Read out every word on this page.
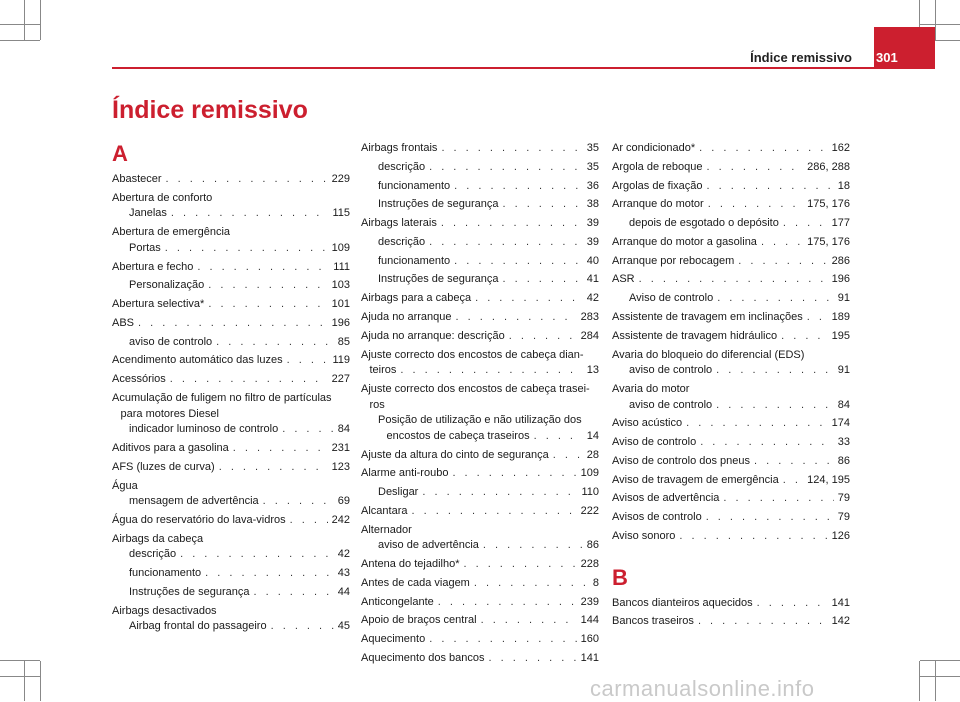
Índice remissivo 301
Índice remissivo
A
Abastecer . . .	229
Abertura de conforto
Janelas . . .	115
Abertura de emergência
Portas . . .	109
Abertura e fecho . . .	111
Personalização . . .	103
Abertura selectiva* . . .	101
ABS . . .	196
aviso de controlo . . .	85
Acendimento automático das luzes . . .	119
Acessórios . . .	227
Acumulação de fuligem no filtro de partículas
para motores Diesel
indicador luminoso de controlo . . .	84
Aditivos para a gasolina . . .	231
AFS (luzes de curva) . . .	123
Água
mensagem de advertência . . .	69
Água do reservatório do lava-vidros . . .	242
Airbags da cabeça
descrição . . .	42
funcionamento . . .	43
Instruções de segurança . . .	44
Airbags desactivados
Airbag frontal do passageiro . . .	45
Airbags frontais . . .	35
descrição . . .	35
funcionamento . . .	36
Instruções de segurança . . .	38
Airbags laterais . . .	39
descrição . . .	39
funcionamento . . .	40
Instruções de segurança . . .	41
Airbags para a cabeça . . .	42
Ajuda no arranque . . .	283
Ajuda no arranque: descrição . . .	284
Ajuste correcto dos encostos de cabeça dian-
teiros . . .	13
Ajuste correcto dos encostos de cabeça trasei-
ros
Posição de utilização e não utilização dos
encostos de cabeça traseiros . . .	14
Ajuste da altura do cinto de segurança . . .	28
Alarme anti-roubo . . .	109
Desligar . . .	110
Alcantara . . .	222
Alternador
aviso de advertência . . .	86
Antena do tejadilho* . . .	228
Antes de cada viagem . . .	8
Anticongelante . . .	239
Apoio de braços central . . .	144
Aquecimento . . .	160
Aquecimento dos bancos . . .	141
Ar condicionado* . . .	162
Argola de reboque . . .	286, 288
Argolas de fixação . . .	18
Arranque do motor . . .	175, 176
depois de esgotado o depósito . . .	177
Arranque do motor a gasolina . . .	175, 176
Arranque por rebocagem . . .	286
ASR . . .	196
Aviso de controlo . . .	91
Assistente de travagem em inclinações . . .	189
Assistente de travagem hidráulico . . .	195
Avaria do bloqueio do diferencial (EDS)
aviso de controlo . . .	91
Avaria do motor
aviso de controlo . . .	84
Aviso acústico . . .	174
Aviso de controlo . . .	33
Aviso de controlo dos pneus . . .	86
Aviso de travagem de emergência . . .	124, 195
Avisos de advertência . . .	79
Avisos de controlo . . .	79
Aviso sonoro . . .	126
B
Bancos dianteiros aquecidos . . .	141
Bancos traseiros . . .	142
carmanualsonline.info
